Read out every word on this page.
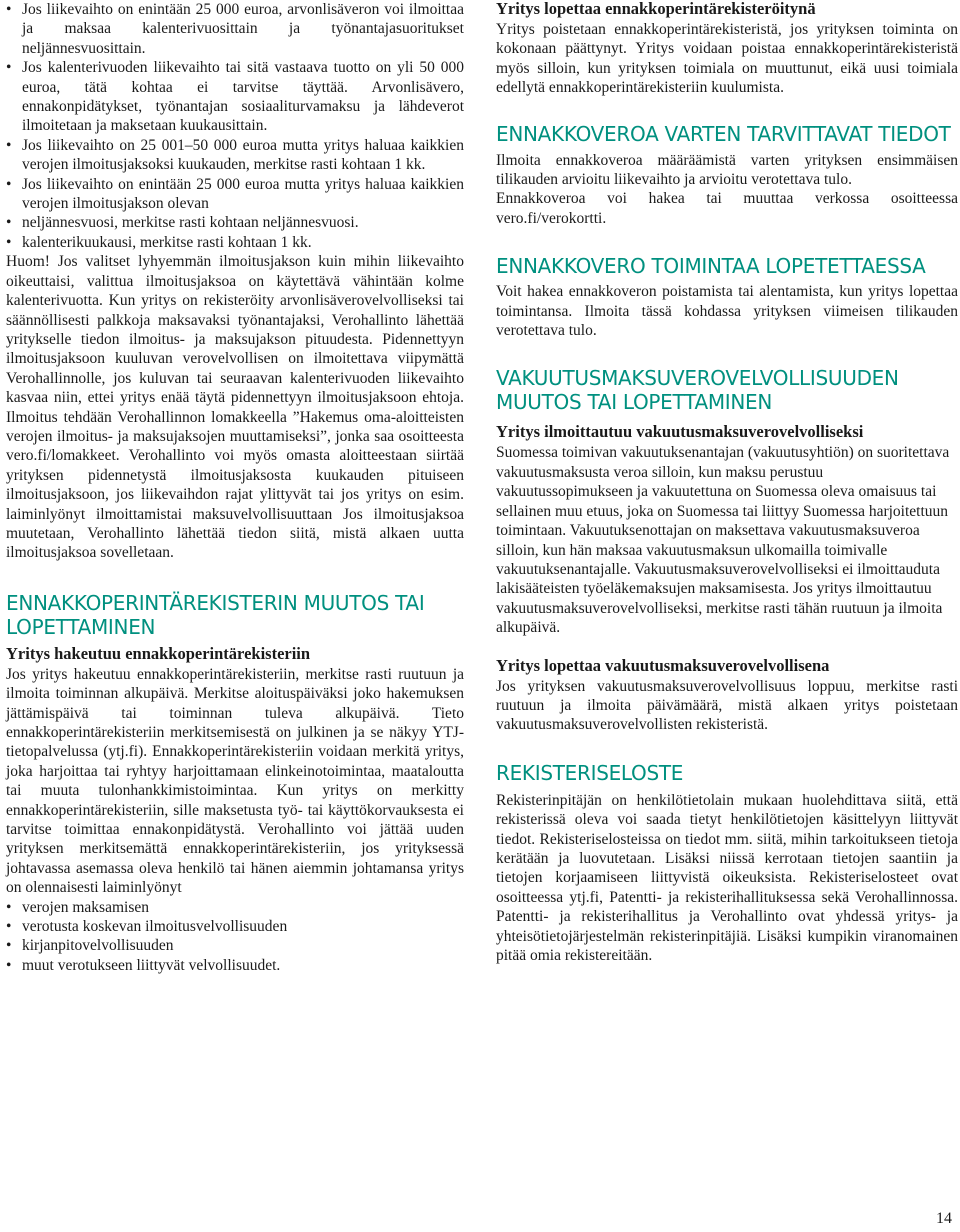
• Jos liikevaihto on enintään 25 000 euroa, arvonlisäveron voi ilmoittaa ja maksaa kalenterivuosittain ja työnantajasuoritukset neljännesvuosittain.
• Jos kalenterivuoden liikevaihto tai sitä vastaava tuotto on yli 50 000 euroa, tätä kohtaa ei tarvitse täyttää. Arvonlisävero, ennakonpidätykset, työnantajan sosiaaliturvamaksu ja lähdeverot ilmoitetaan ja maksetaan kuukausittain.
• Jos liikevaihto on 25 001–50 000 euroa mutta yritys haluaa kaikkien verojen ilmoitusjaksoksi kuukauden, merkitse rasti kohtaan 1 kk.
• Jos liikevaihto on enintään 25 000 euroa mutta yritys haluaa kaikkien verojen ilmoitusjakson olevan
• neljännesvuosi, merkitse rasti kohtaan neljännesvuosi.
• kalenterikuukausi, merkitse rasti kohtaan 1 kk.

Huom! Jos valitset lyhyemmän ilmoitusjakson kuin mihin liikevaihto oikeuttaisi, valittua ilmoitusjaksoa on käytettävä vähintään kolme kalenterivuotta. Kun yritys on rekisteröity arvonlisäverovelvolliseksi tai säännöllisesti palkkoja maksavaksi työnantajaksi, Verohallinto lähettää yritykselle tiedon ilmoitus- ja maksujakson pituudesta. Pidennettyyn ilmoitusjaksoon kuuluvan verovelvollisen on ilmoitettava viipymättä Verohallinnolle, jos kuluvan tai seuraavan kalenterivuoden liikevaihto kasvaa niin, ettei yritys enää täytä pidennettyyn ilmoitusjaksoon ehtoja. Ilmoitus tehdään Verohallinnon lomakkeella ”Hakemus oma-aloitteisten verojen ilmoitus- ja maksujaksojen muuttamiseksi”, jonka saa osoitteesta vero.fi/lomakkeet. Verohallinto voi myös omasta aloitteestaan siirtää yrityksen pidennetystä ilmoitusjaksosta kuukauden pituiseen ilmoitusjaksoon, jos liikevaihdon rajat ylittyvät tai jos yritys on esim. laiminlyönyt ilmoittamistai maksuvelvollisuuttaan Jos ilmoitusjaksoa muutetaan, Verohallinto lähettää tiedon siitä, mistä alkaen uutta ilmoitusjaksoa sovelletaan.

ENNAKKOPERINTÄREKISTERIN MUUTOS TAI LOPETTAMINEN
Yritys hakeutuu ennakkoperintärekisteriin

Jos yritys hakeutuu ennakkoperintärekisteriin, merkitse rasti ruutuun ja ilmoita toiminnan alkupäivä. Merkitse aloituspäiväksi joko hakemuksen jättämispäivä tai toiminnan tuleva alkupäivä. Tieto ennakkoperintärekisteriin merkitsemisestä on julkinen ja se näkyy YTJ-tietopalvelussa (ytj.fi). Ennakkoperintärekisteriin voidaan merkitä yritys, joka harjoittaa tai ryhtyy harjoittamaan elinkeinotoimintaa, maataloutta tai muuta tulonhankkimistoimintaa. Kun yritys on merkitty ennakkoperintärekisteriin, sille maksetusta työ- tai käyttökorvauksesta ei tarvitse toimittaa ennakonpidätystä. Verohallinto voi jättää uuden yrityksen merkitsemättä ennakkoperintärekisteriin, jos yrityksessä johtavassa asemassa oleva henkilö tai hänen aiemmin johtamansa yritys on olennaisesti laiminlyönyt

• verojen maksamisen
• verotusta koskevan ilmoitusvelvollisuuden
• kirjanpitovelvollisuuden
• muut verotukseen liittyvät velvollisuudet.
Yritys lopettaa ennakkoperintärekisteröitynä

Yritys poistetaan ennakkoperintärekisteristä, jos yrityksen toiminta on kokonaan päättynyt. Yritys voidaan poistaa ennakkoperintärekisteristä myös silloin, kun yrityksen toimiala on muuttunut, eikä uusi toimiala edellytä ennakkoperintärekisteriin kuulumista.

ENNAKKOVEROA VARTEN TARVITTAVAT TIEDOT

Ilmoita ennakkoveroa määräämistä varten yrityksen ensimmäisen tilikauden arvioitu liikevaihto ja arvioitu verotettava tulo.

Ennakkoveroa voi hakea tai muuttaa verkossa osoitteessa vero.fi/verokortti.

ENNAKKOVERO TOIMINTAA LOPETETTAESSA

Voit hakea ennakkoveron poistamista tai alentamista, kun yritys lopettaa toimintansa. Ilmoita tässä kohdassa yrityksen viimeisen tilikauden verotettava tulo.

VAKUUTUSMAKSUVEROVELVOLLISUUDEN MUUTOS TAI LOPETTAMINEN
Yritys ilmoittautuu vakuutusmaksuverovelvolliseksi

Suomessa toimivan vakuutuksenantajan (vakuutusyhtiön) on suoritettava vakuutusmaksusta veroa silloin, kun maksu perustuu vakuutussopimukseen ja vakuutettuna on Suomessa oleva omaisuus tai sellainen muu etuus, joka on Suomessa tai liittyy Suomessa harjoitettuun toimintaan. Vakuutuksenottajan on maksettava vakuutusmaksuveroa silloin, kun hän maksaa vakuutusmaksun ulkomailla toimivalle vakuutuksenantajalle. Vakuutusmaksuverovelvolliseksi ei ilmoittauduta lakisääteisten työeläkemaksujen maksamisesta. Jos yritys ilmoittautuu vakuutusmaksuverovelvolliseksi, merkitse rasti tähän ruutuun ja ilmoita alkupäivä.

Yritys lopettaa vakuutusmaksuverovelvollisena

Jos yrityksen vakuutusmaksuverovelvollisuus loppuu, merkitse rasti ruutuun ja ilmoita päivämäärä, mistä alkaen yritys poistetaan vakuutusmaksuverovelvollisten rekisteristä.

REKISTERISELOSTE

Rekisterinpitäjän on henkilötietolain mukaan huolehdittava siitä, että rekisterissä oleva voi saada tietyt henkilötietojen käsittelyyn liittyvät tiedot. Rekisteriselosteissa on tiedot mm. siitä, mihin tarkoitukseen tietoja kerätään ja luovutetaan. Lisäksi niissä kerrotaan tietojen saantiin ja tietojen korjaamiseen liittyvistä oikeuksista. Rekisteriselosteet ovat osoitteessa ytj.fi, Patentti- ja rekisterihallituksessa sekä Verohallinnossa. Patentti- ja rekisterihallitus ja Verohallinto ovat yhdessä yritys- ja yhteisötietojärjestelmän rekisterinpitäjiä. Lisäksi kumpikin viranomainen pitää omia rekistereitään.

14
